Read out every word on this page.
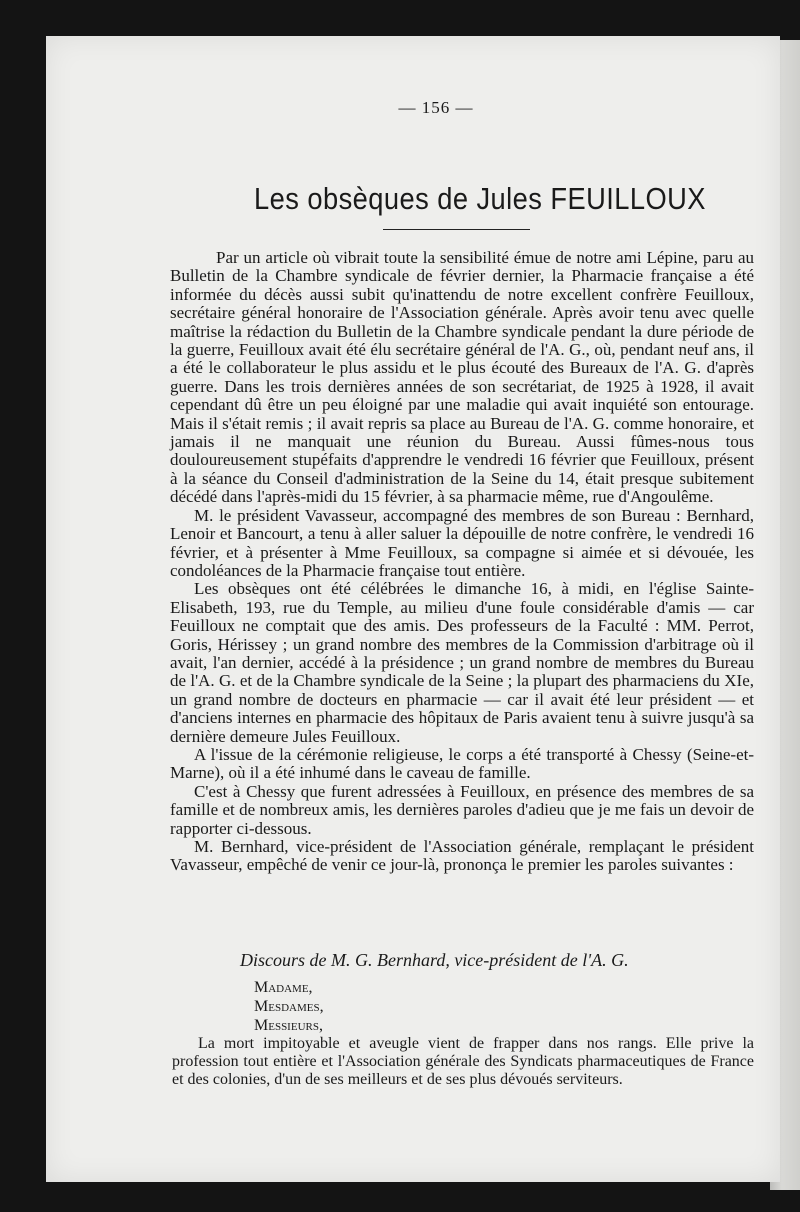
— 156 —
Les obsèques de Jules FEUILLOUX

Par un article où vibrait toute la sensibilité émue de notre ami Lépine, paru au Bulletin de la Chambre syndicale de février dernier, la Pharmacie française a été informée du décès aussi subit qu'inattendu de notre excellent confrère Feuilloux, secrétaire général honoraire de l'Association générale. Après avoir tenu avec quelle maîtrise la rédaction du Bulletin de la Chambre syndicale pendant la dure période de la guerre, Feuilloux avait été élu secrétaire général de l'A. G., où, pendant neuf ans, il a été le collaborateur le plus assidu et le plus écouté des Bureaux de l'A. G. d'après guerre. Dans les trois dernières années de son secrétariat, de 1925 à 1928, il avait cependant dû être un peu éloigné par une maladie qui avait inquiété son entourage. Mais il s'était remis ; il avait repris sa place au Bureau de l'A. G. comme honoraire, et jamais il ne manquait une réunion du Bureau. Aussi fûmes-nous tous douloureusement stupéfaits d'apprendre le vendredi 16 février que Feuilloux, présent à la séance du Conseil d'administration de la Seine du 14, était presque subitement décédé dans l'après-midi du 15 février, à sa pharmacie même, rue d'Angoulême.

M. le président Vavasseur, accompagné des membres de son Bureau : Bernhard, Lenoir et Bancourt, a tenu à aller saluer la dépouille de notre confrère, le vendredi 16 février, et à présenter à Mme Feuilloux, sa compagne si aimée et si dévouée, les condoléances de la Pharmacie française tout entière.

Les obsèques ont été célébrées le dimanche 16, à midi, en l'église Sainte-Elisabeth, 193, rue du Temple, au milieu d'une foule considérable d'amis — car Feuilloux ne comptait que des amis. Des professeurs de la Faculté : MM. Perrot, Goris, Hérissey ; un grand nombre des membres de la Commission d'arbitrage où il avait, l'an dernier, accédé à la présidence ; un grand nombre de membres du Bureau de l'A. G. et de la Chambre syndicale de la Seine ; la plupart des pharmaciens du XIe, un grand nombre de docteurs en pharmacie — car il avait été leur président — et d'anciens internes en pharmacie des hôpitaux de Paris avaient tenu à suivre jusqu'à sa dernière demeure Jules Feuilloux.

A l'issue de la cérémonie religieuse, le corps a été transporté à Chessy (Seine-et-Marne), où il a été inhumé dans le caveau de famille.

C'est à Chessy que furent adressées à Feuilloux, en présence des membres de sa famille et de nombreux amis, les dernières paroles d'adieu que je me fais un devoir de rapporter ci-dessous.

M. Bernhard, vice-président de l'Association générale, remplaçant le président Vavasseur, empêché de venir ce jour-là, prononça le premier les paroles suivantes :

Discours de M. G. Bernhard, vice-président de l'A. G.
Madame,
Mesdames,
Messieurs,

La mort impitoyable et aveugle vient de frapper dans nos rangs. Elle prive la profession tout entière et l'Association générale des Syndicats pharmaceutiques de France et des colonies, d'un de ses meilleurs et de ses plus dévoués serviteurs.
